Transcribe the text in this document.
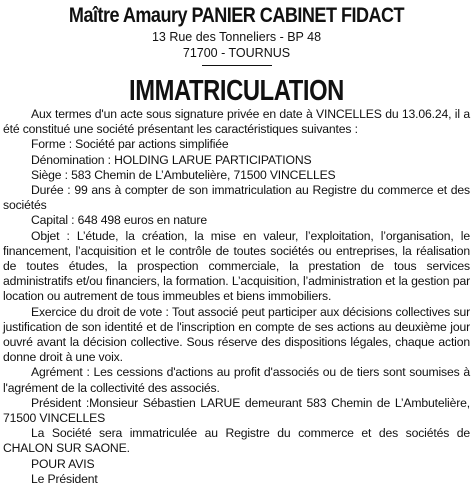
Maître Amaury PANIER CABINET FIDACT
13 Rue des Tonneliers - BP 48
71700 - TOURNUS
IMMATRICULATION

Aux termes d'un acte sous signature privée en date à VINCELLES du 13.06.24, il a été constitué une société présentant les caractéristiques suivantes :

Forme : Société par actions simplifiée

Dénomination : HOLDING LARUE PARTICIPATIONS

Siège : 583 Chemin de L’Ambutelière, 71500 VINCELLES

Durée : 99 ans à compter de son immatriculation au Registre du commerce et des sociétés

Capital : 648 498 euros en nature

Objet : L’étude, la création, la mise en valeur, l’exploitation, l’organisation, le financement, l’acquisition et le contrôle de toutes sociétés ou entreprises, la réalisation de toutes études, la prospection commerciale, la prestation de tous services administratifs et/ou financiers, la formation. L’acquisition, l’administration et la gestion par location ou autrement de tous immeubles et biens immobiliers.

Exercice du droit de vote : Tout associé peut participer aux décisions collectives sur justification de son identité et de l'inscription en compte de ses actions au deuxième jour ouvré avant la décision collective. Sous réserve des dispositions légales, chaque action donne droit à une voix.

Agrément : Les cessions d'actions au profit d'associés ou de tiers sont soumises à l'agrément de la collectivité des associés.

Président :Monsieur Sébastien LARUE demeurant 583 Chemin de L’Ambutelière, 71500 VINCELLES

La Société sera immatriculée au Registre du commerce et des sociétés de CHALON SUR SAONE.

POUR AVIS

Le Président
